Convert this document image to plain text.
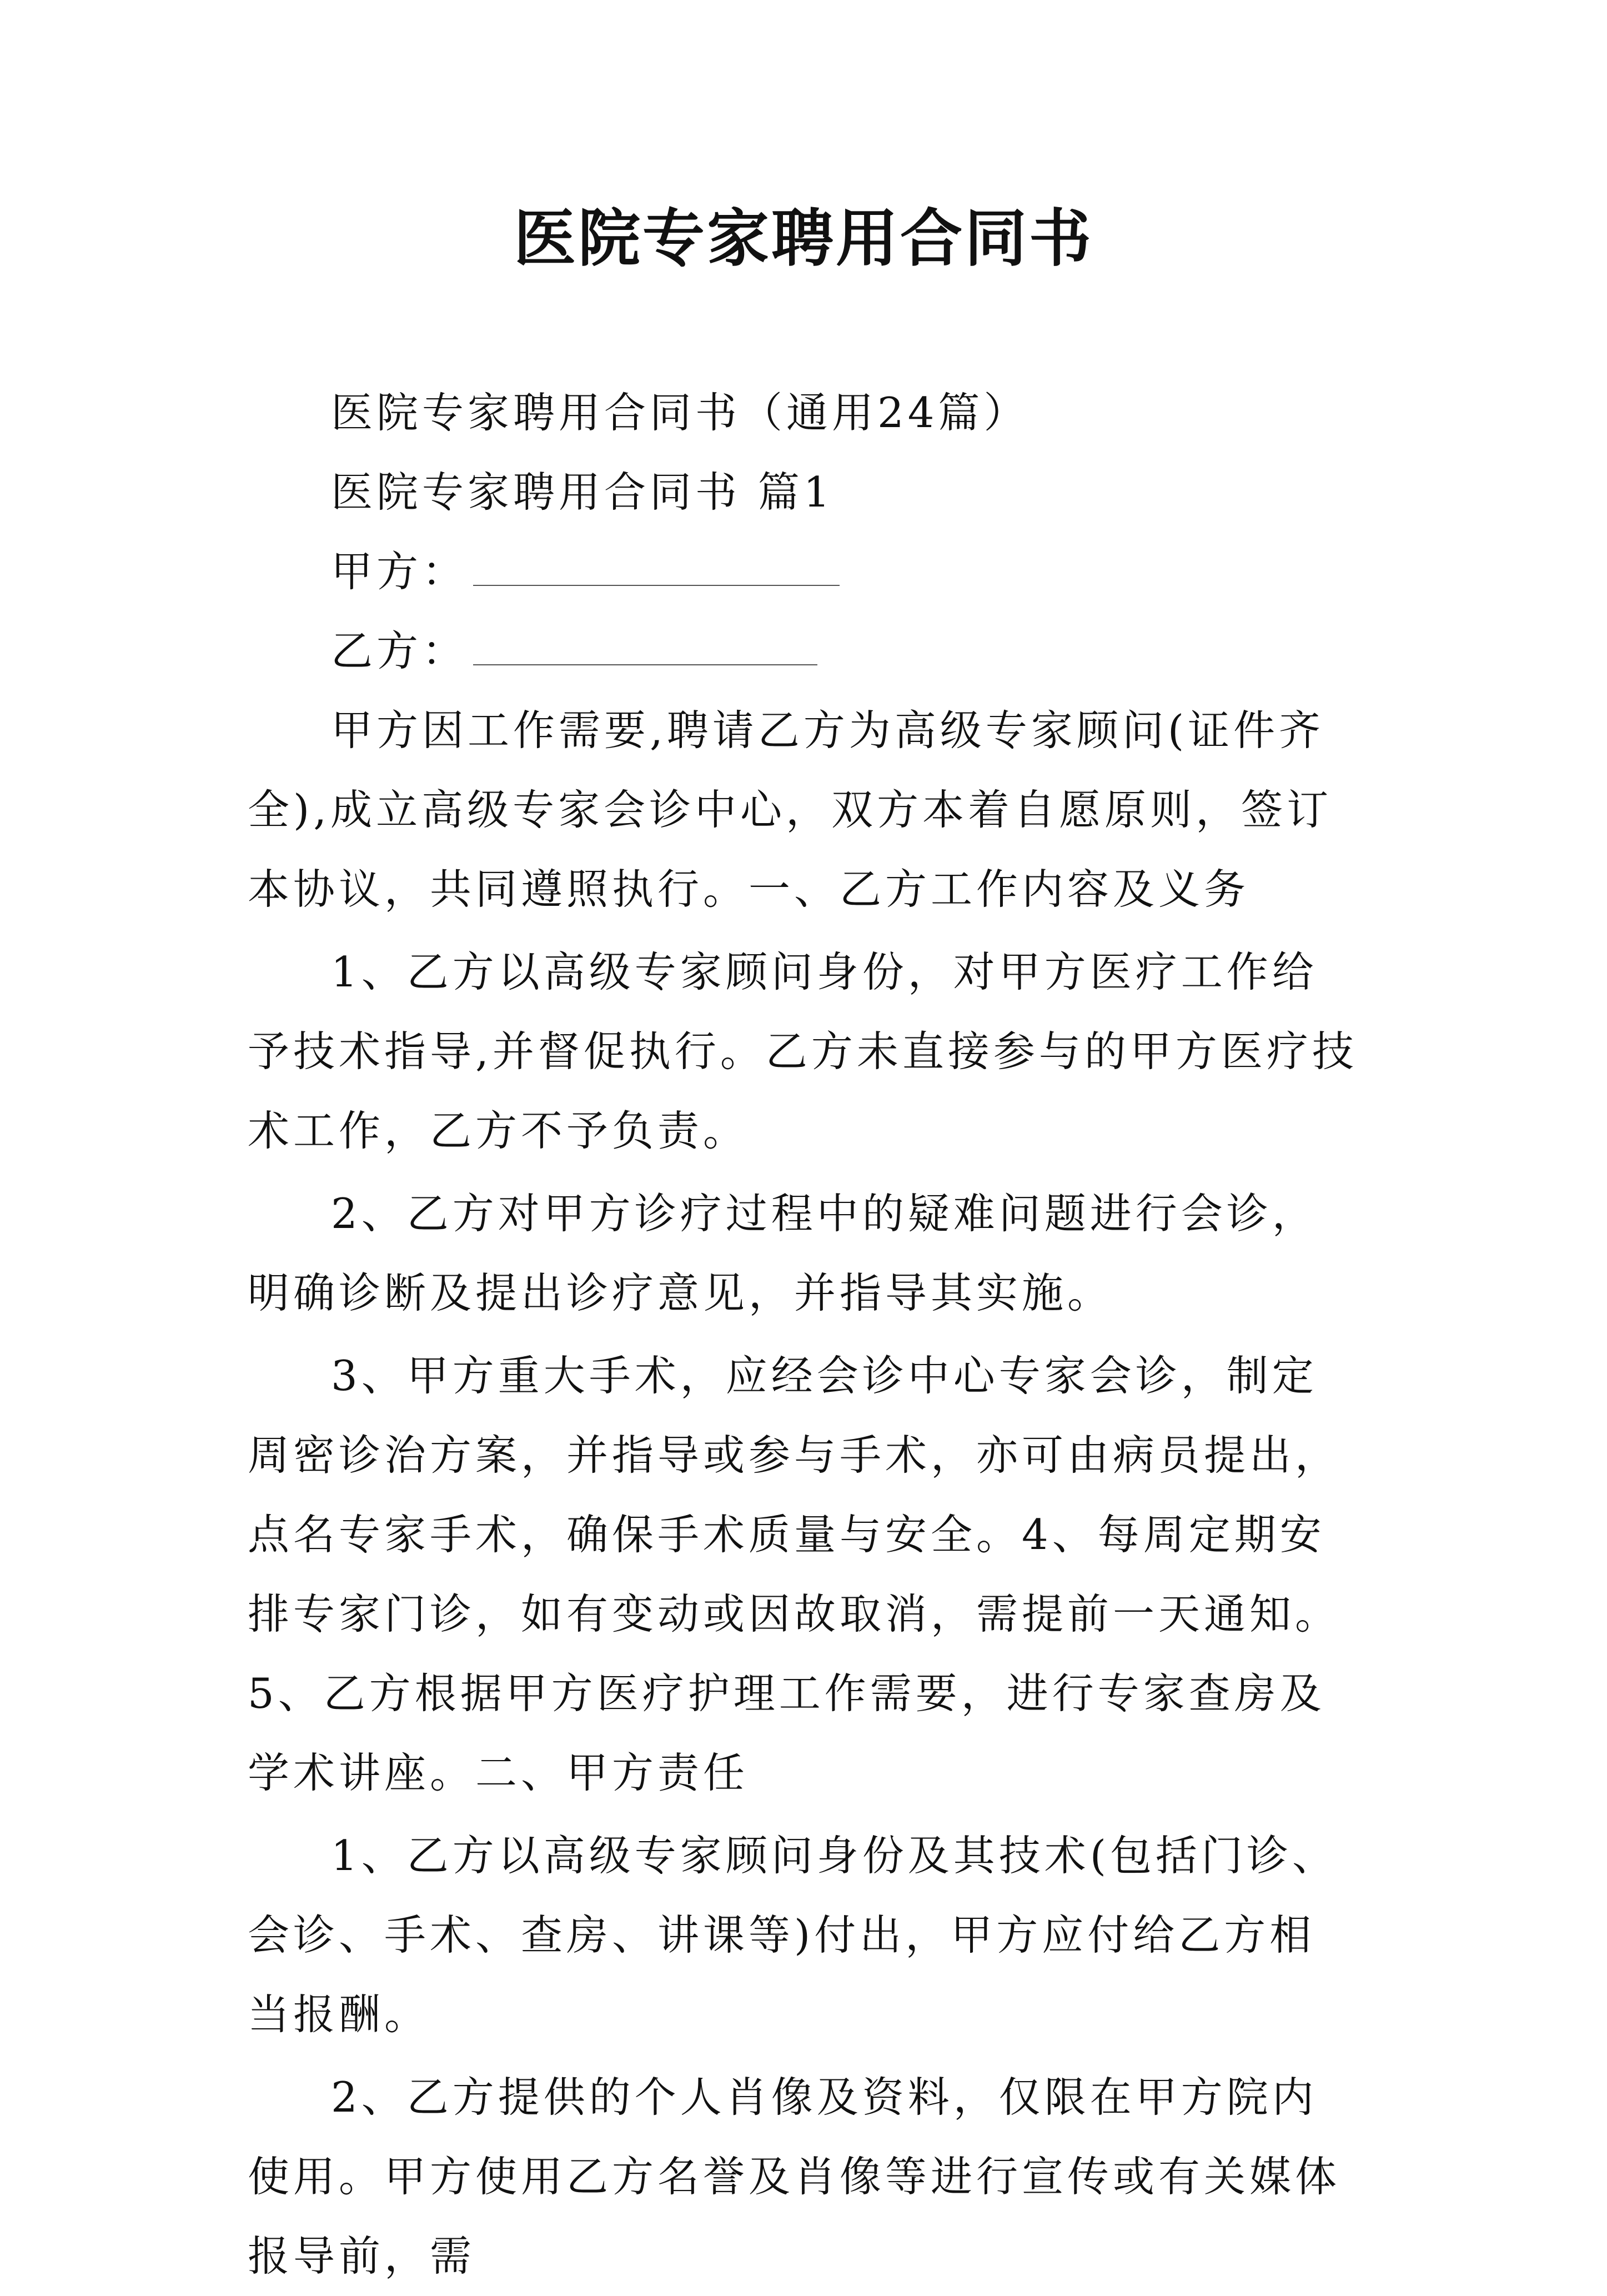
医院专家聘用合同书
医院专家聘用合同书（通用24篇）
医院专家聘用合同书 篇1
甲方：
乙方：

甲方因工作需要,聘请乙方为高级专家顾问(证件齐全),成立高级专家会诊中心，双方本着自愿原则，签订本协议，共同遵照执行。一、乙方工作内容及义务

1、乙方以高级专家顾问身份，对甲方医疗工作给予技术指导,并督促执行。乙方未直接参与的甲方医疗技术工作，乙方不予负责。

2、乙方对甲方诊疗过程中的疑难问题进行会诊，明确诊断及提出诊疗意见，并指导其实施。

3、甲方重大手术，应经会诊中心专家会诊，制定周密诊治方案，并指导或参与手术，亦可由病员提出，点名专家手术，确保手术质量与安全。4、每周定期安排专家门诊，如有变动或因故取消，需提前一天通知。5、乙方根据甲方医疗护理工作需要，进行专家查房及学术讲座。二、甲方责任

1、乙方以高级专家顾问身份及其技术(包括门诊、会诊、手术、查房、讲课等)付出，甲方应付给乙方相当报酬。

2、乙方提供的个人肖像及资料，仅限在甲方院内使用。甲方使用乙方名誉及肖像等进行宣传或有关媒体报导前，需
